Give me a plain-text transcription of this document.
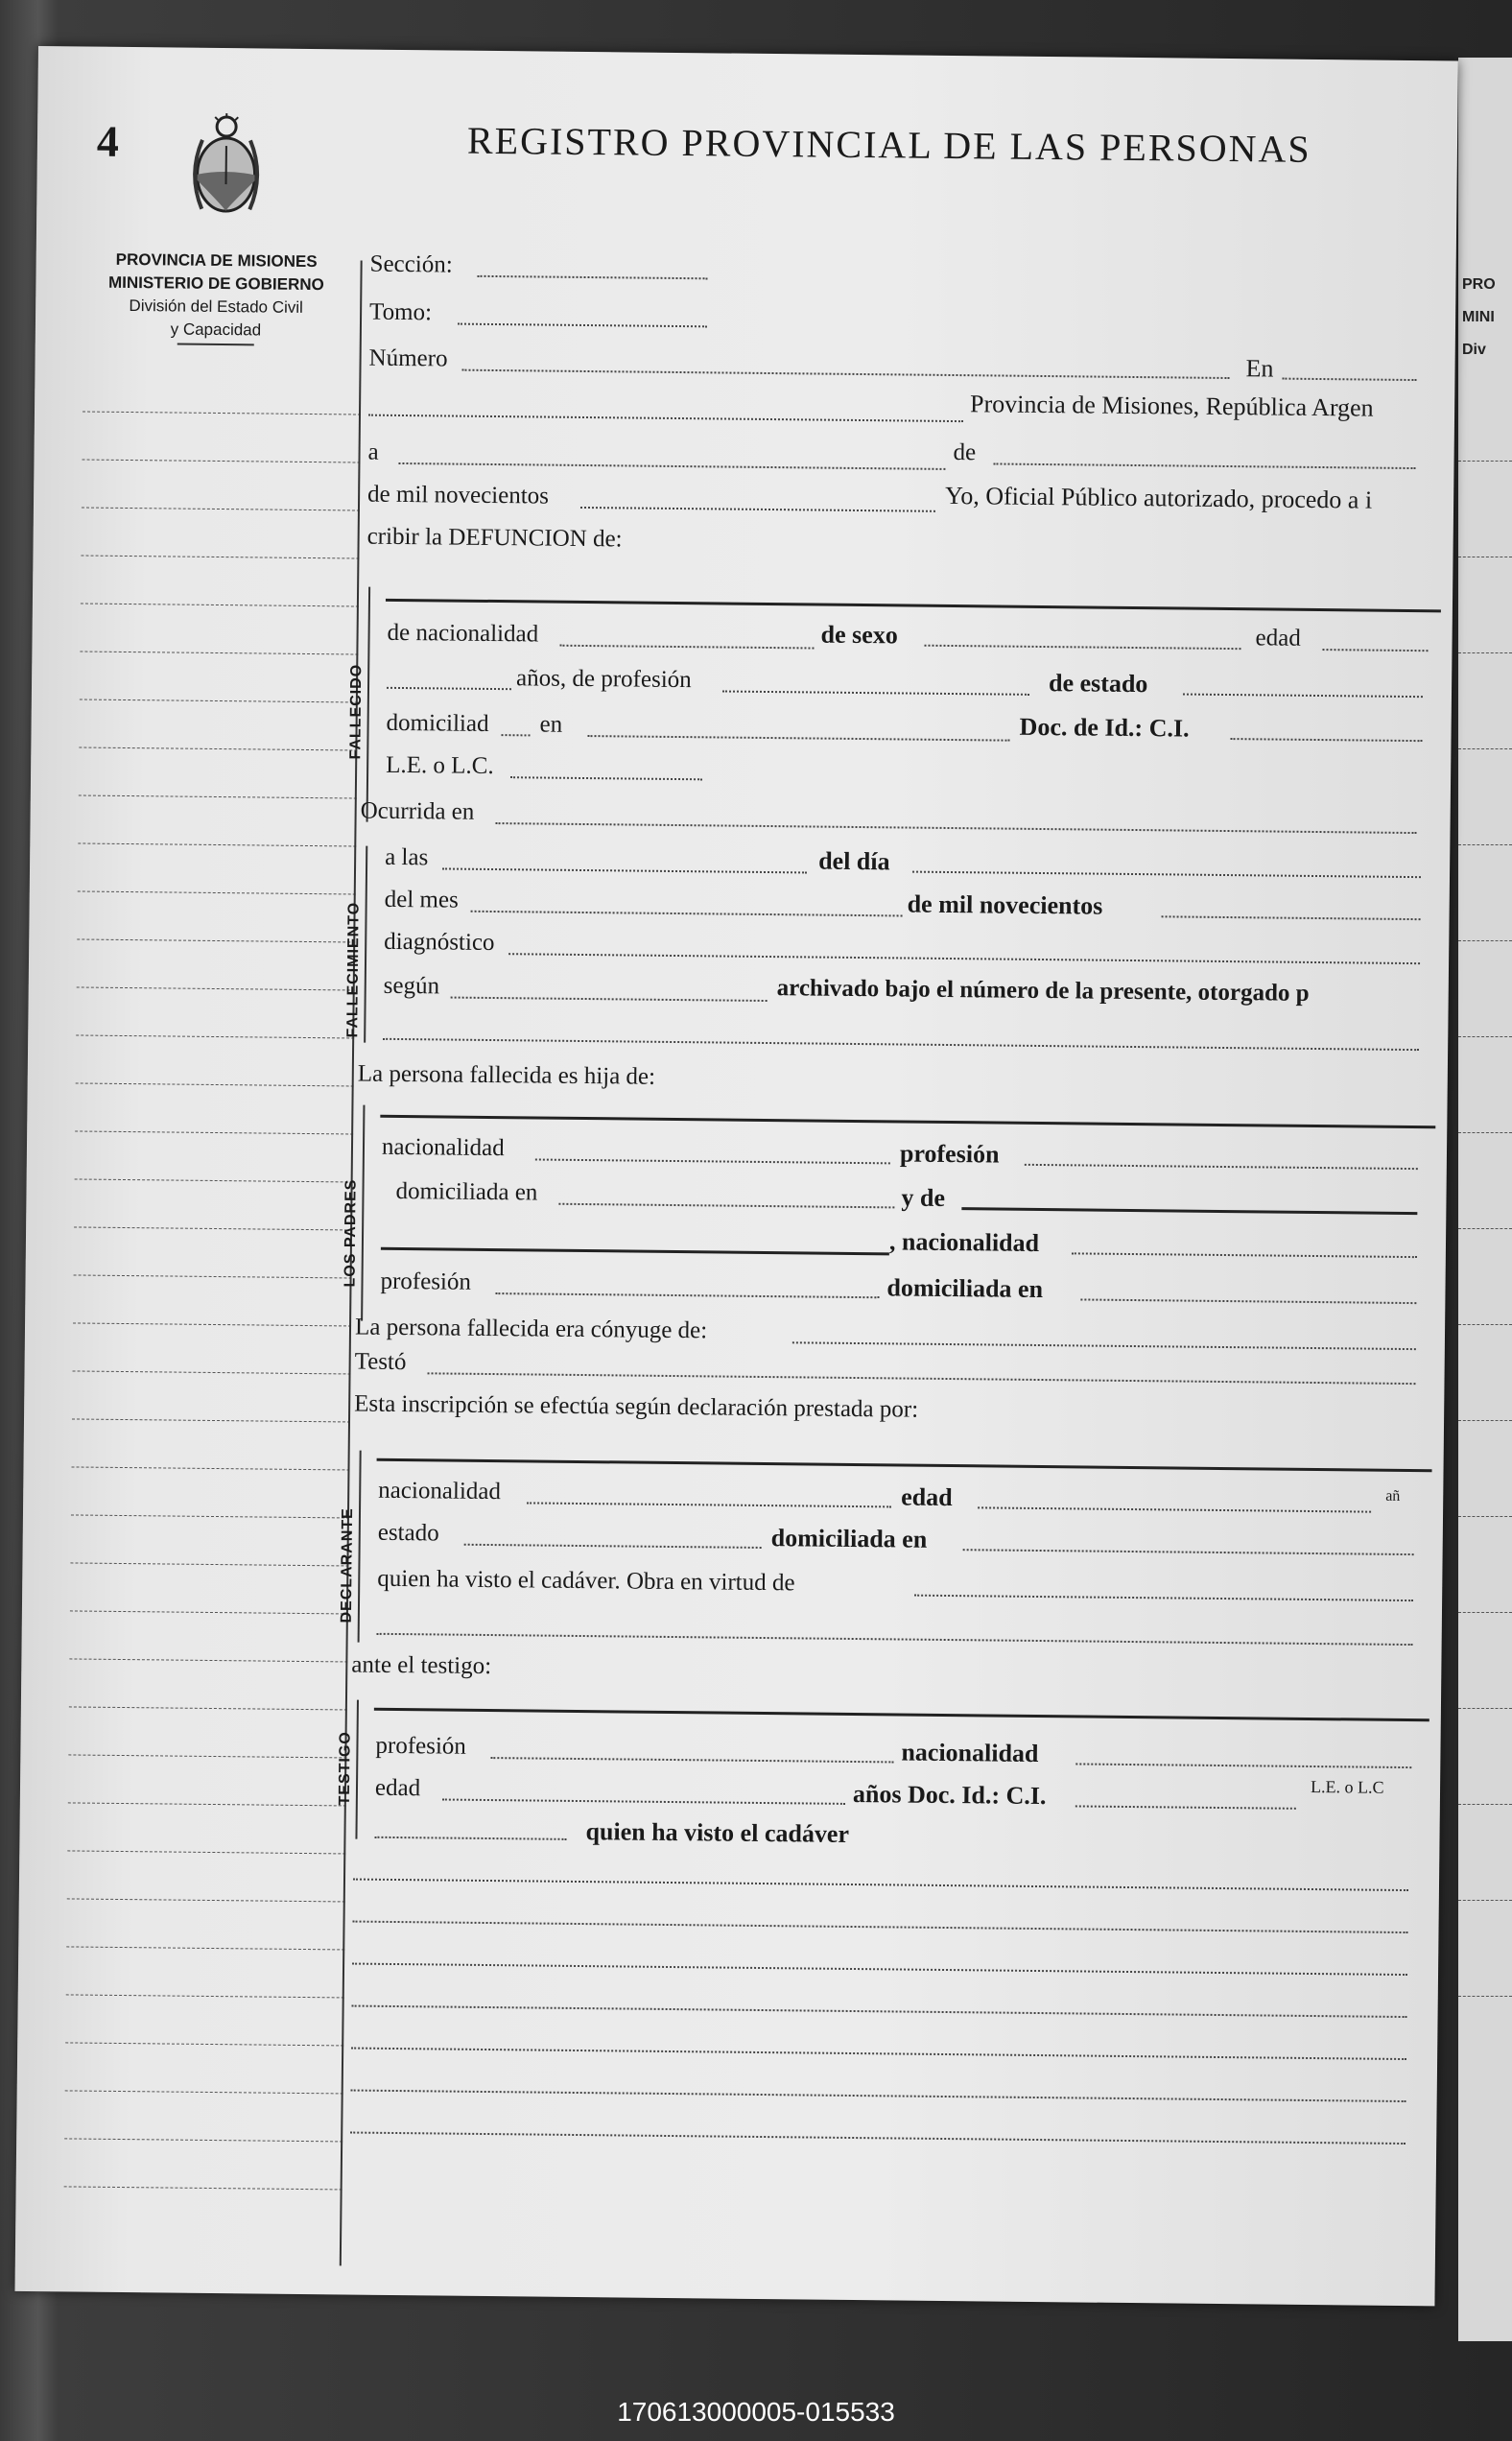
PRO
MINI
Div
4	REGISTRO PROVINCIAL DE LAS PERSONAS
PROVINCIA DE MISIONES
MINISTERIO DE GOBIERNO
División del Estado Civil
y Capacidad
Sección:
Tomo:
Número	En
Provincia de Misiones, República Argen
a	de
de mil novecientos	Yo, Oficial Público autorizado, procedo a i
cribir la DEFUNCION de:
FALLECIDO
de nacionalidad	de sexo	edad
años, de profesión	de estado
domiciliad en	Doc. de Id.: C.I.
L.E. o L.C.
Ocurrida en
FALLECIMIENTO
a las	del día
del mes	de mil novecientos
diagnóstico
según	archivado bajo el número de la presente, otorgado p
La persona fallecida es hija de:
LOS PADRES
nacionalidad	profesión
domiciliada en	y de
, nacionalidad
profesión	domiciliada en
La persona fallecida era cónyuge de:
Testó
Esta inscripción se efectúa según declaración prestada por:
DECLARANTE
nacionalidad	edad	añ
estado	domiciliada en
quien ha visto el cadáver. Obra en virtud de
ante el testigo:
TESTIGO profesión	nacionalidad
edad	años Doc. Id.: C.I.	L.E. o L.C
quien ha visto el cadáver
170613000005-015533
